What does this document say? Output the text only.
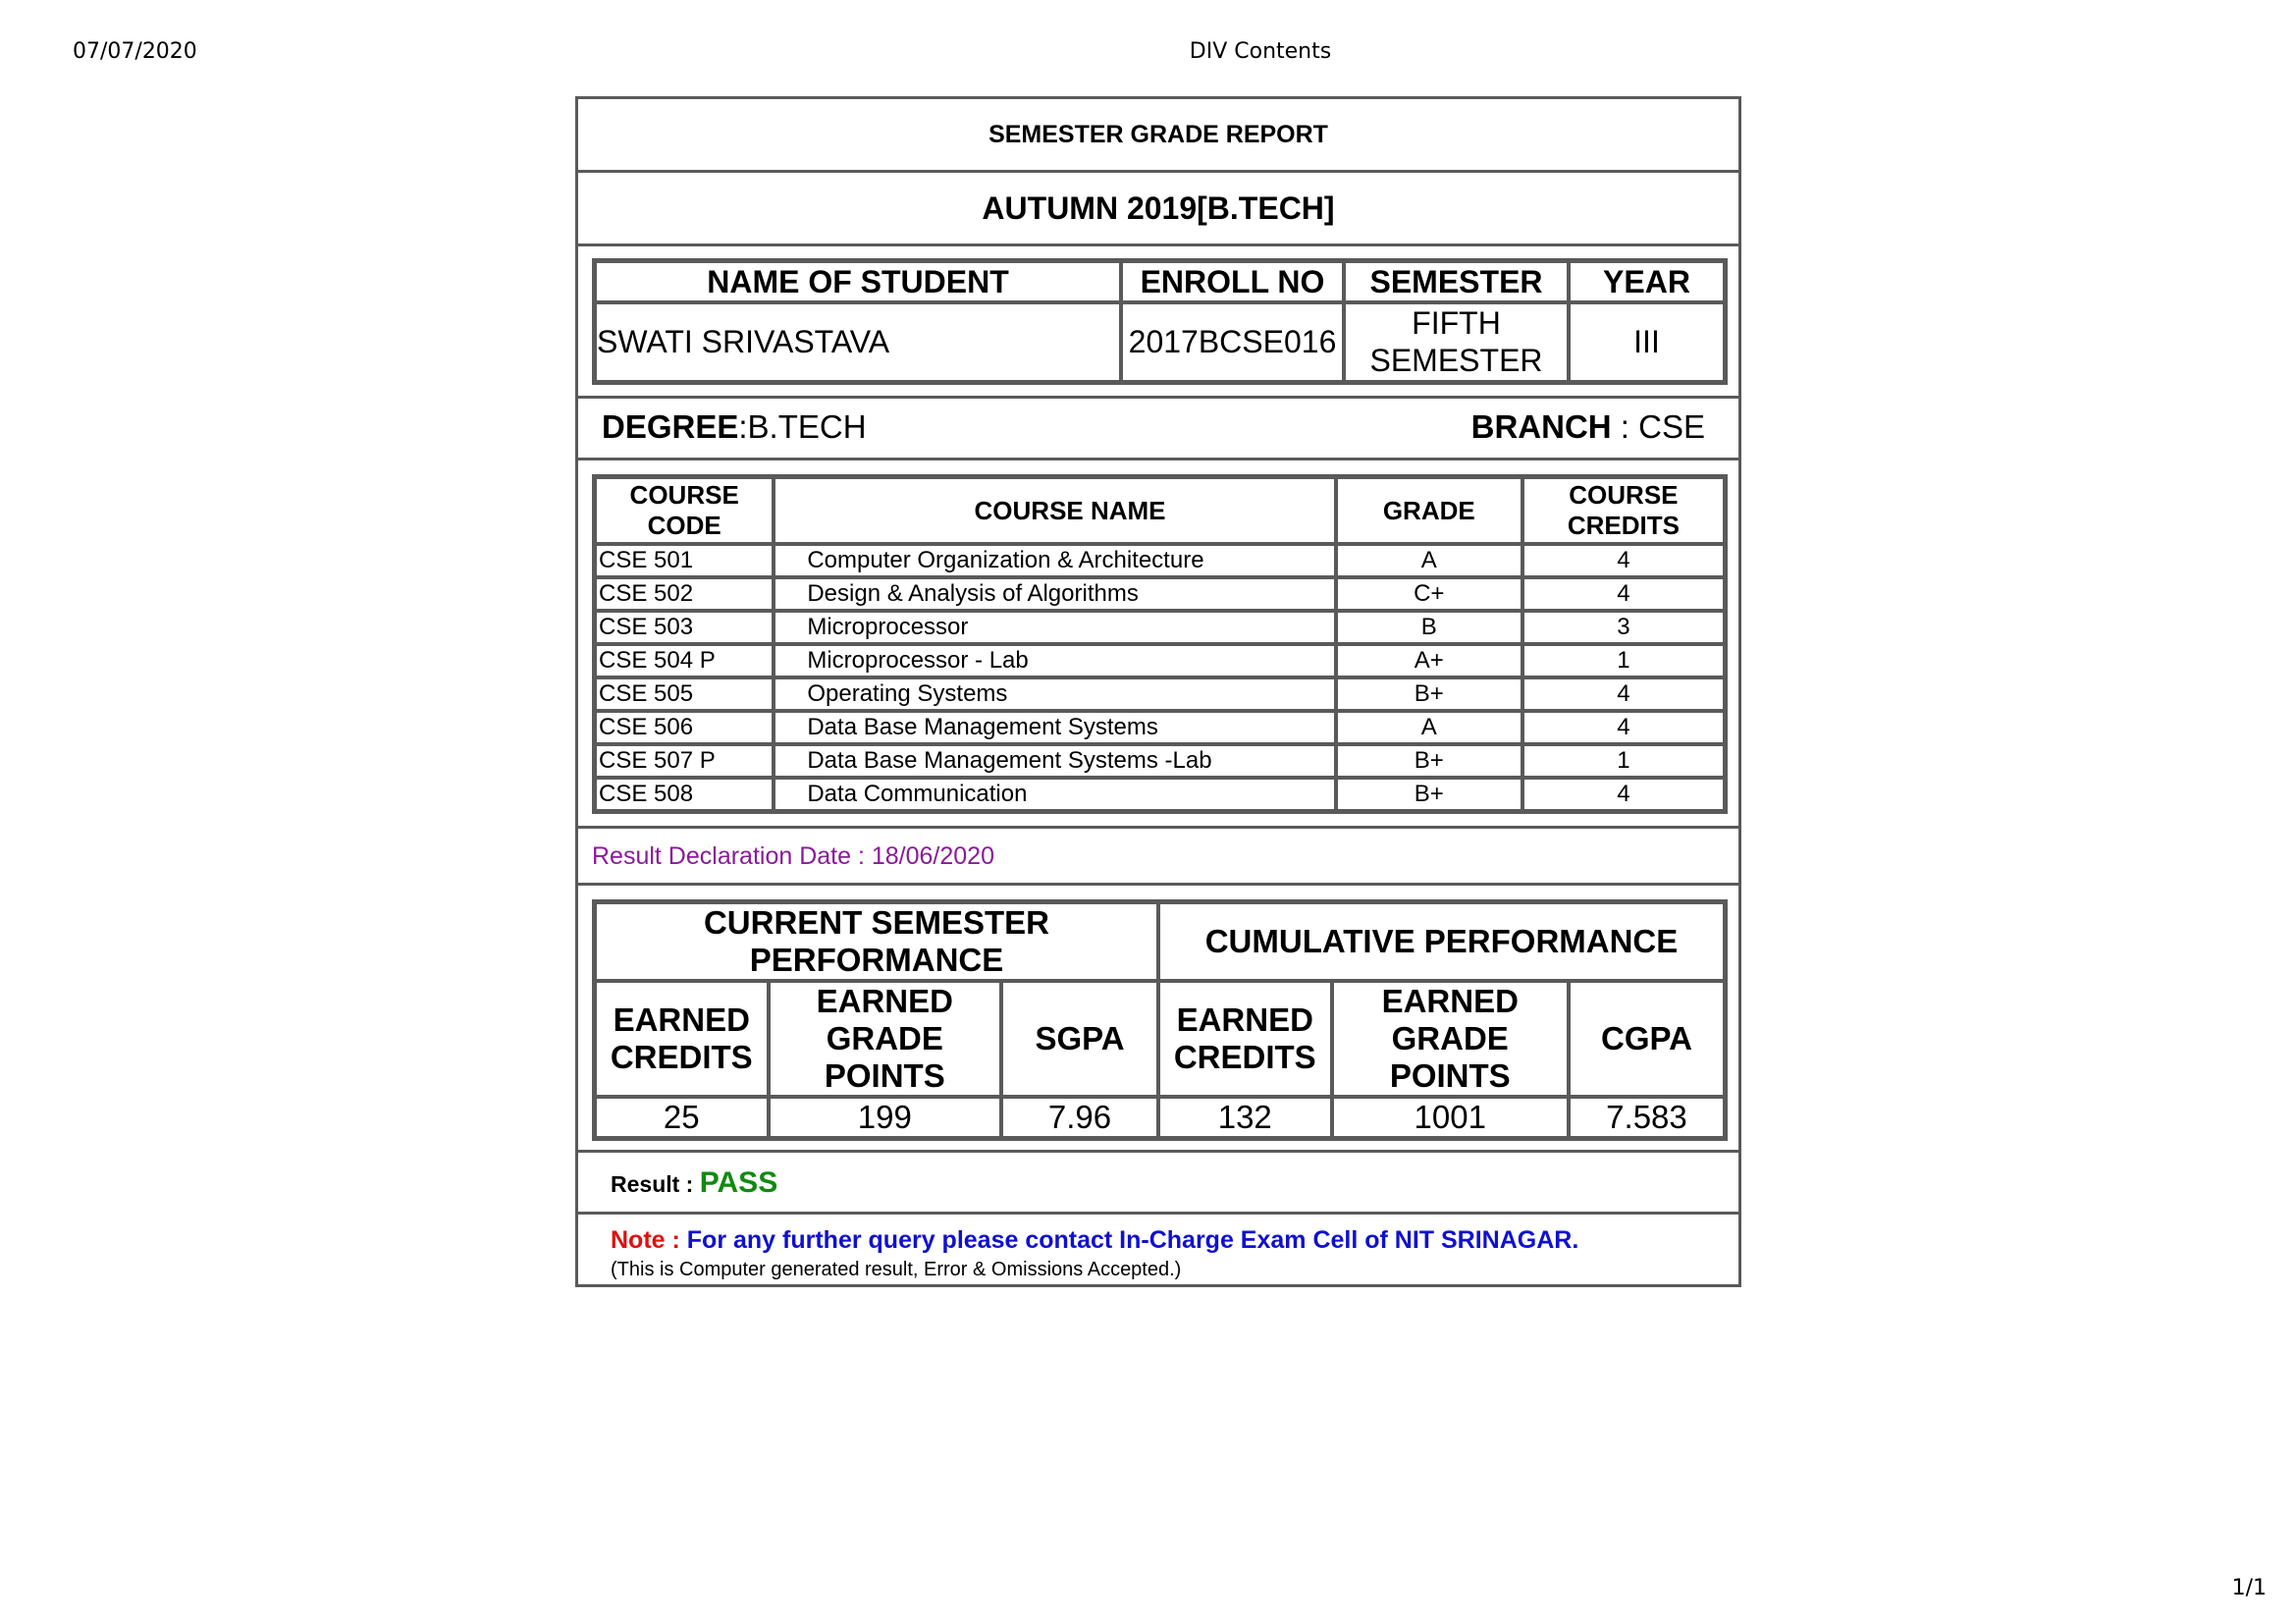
07/07/2020	DIV Contents
SEMESTER GRADE REPORT
AUTUMN 2019[B.TECH]
NAME OF STUDENT	ENROLL NO	SEMESTER	YEAR
SWATI SRIVASTAVA	2017BCSE016	FIFTH SEMESTER	III
DEGREE:B.TECH	BRANCH : CSE
COURSE CODE	COURSE NAME	GRADE	COURSE CREDITS
CSE 501	Computer Organization & Architecture	A	4
CSE 502	Design & Analysis of Algorithms	C+	4
CSE 503	Microprocessor	B	3
CSE 504 P	Microprocessor - Lab	A+	1
CSE 505	Operating Systems	B+	4
CSE 506	Data Base Management Systems	A	4
CSE 507 P	Data Base Management Systems -Lab	B+	1
CSE 508	Data Communication	B+	4
Result Declaration Date : 18/06/2020
CURRENT SEMESTER PERFORMANCE			CUMULATIVE PERFORMANCE		
EARNED CREDITS	EARNED GRADE POINTS	SGPA	EARNED CREDITS	EARNED GRADE POINTS	CGPA
25	199	7.96	132	1001	7.583
Result : PASS
Note : For any further query please contact In-Charge Exam Cell of NIT SRINAGAR.
(This is Computer generated result, Error & Omissions Accepted.)
1/1
